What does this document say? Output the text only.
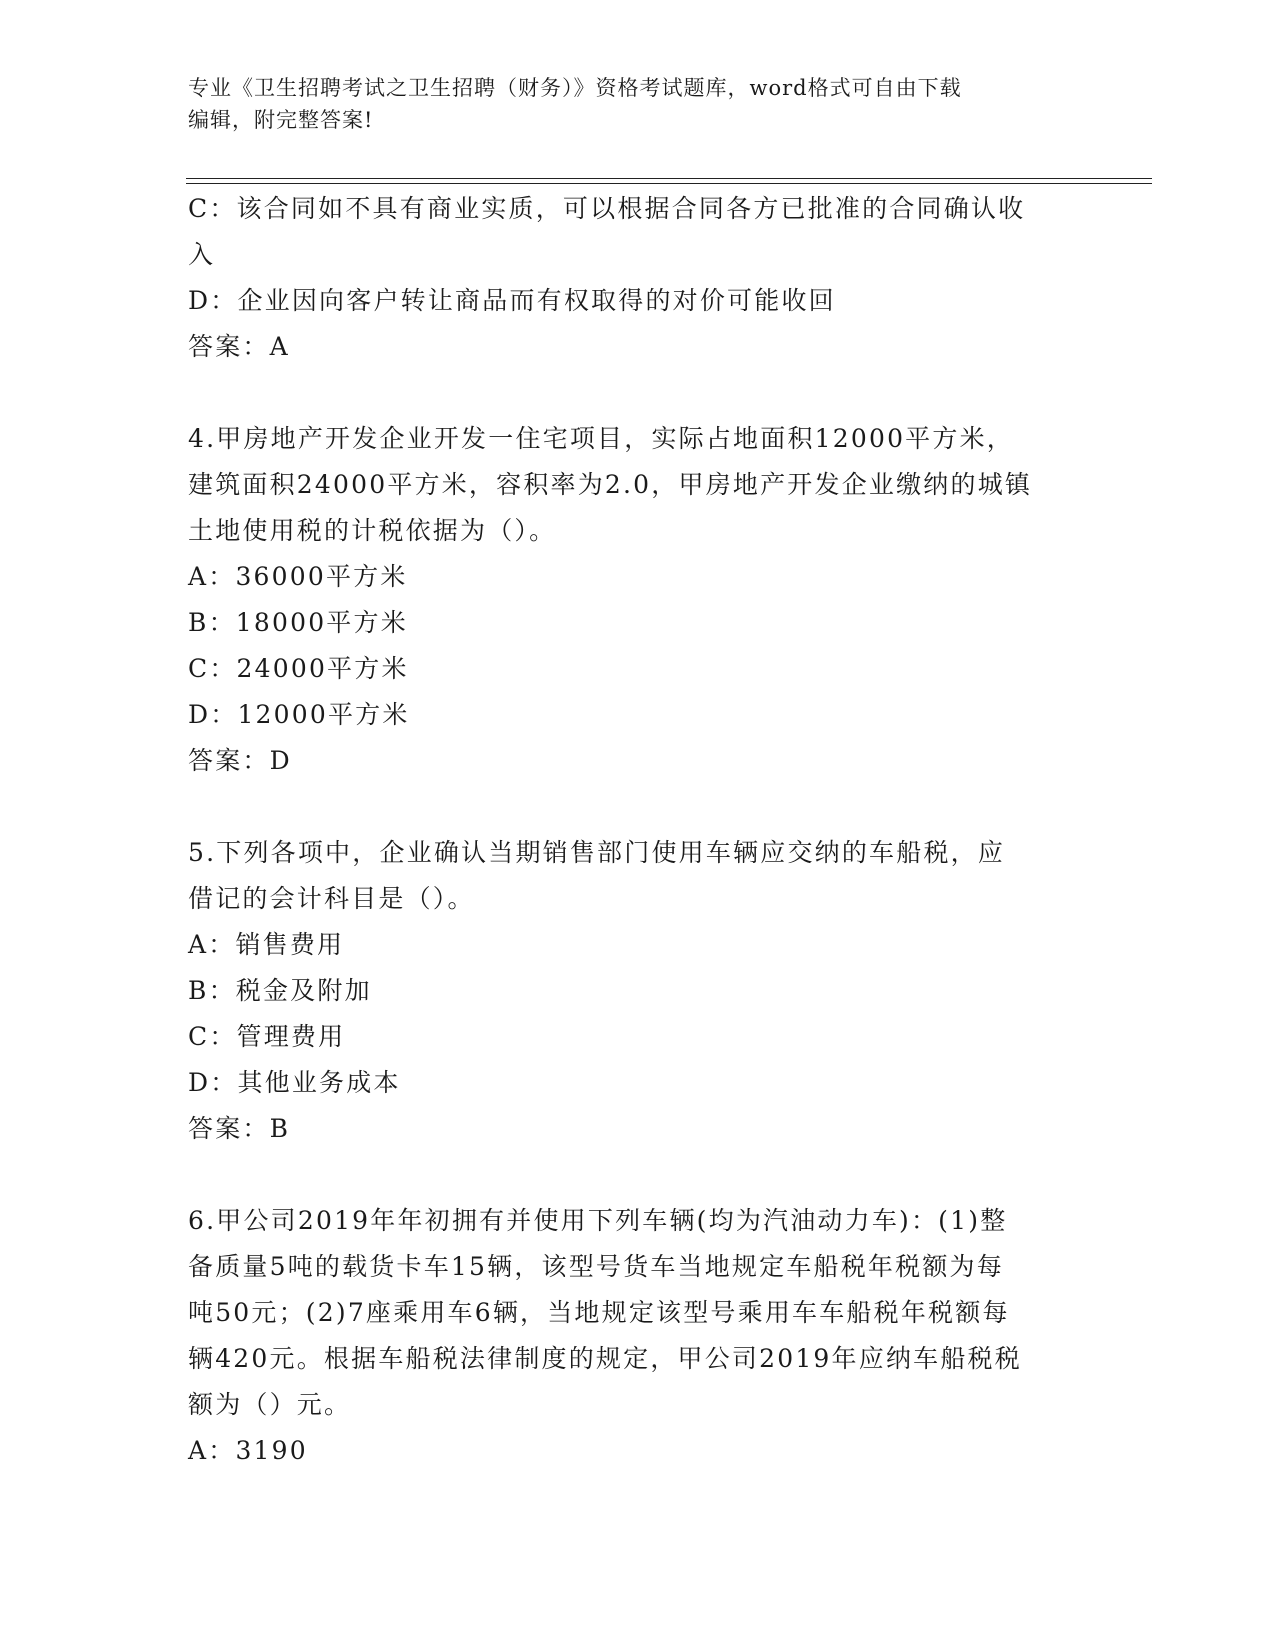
专业《卫生招聘考试之卫生招聘（财务）》资格考试题库，word格式可自由下载
编辑，附完整答案!
C：该合同如不具有商业实质，可以根据合同各方已批准的合同确认收
入
D：企业因向客户转让商品而有权取得的对价可能收回
答案：A
4.甲房地产开发企业开发一住宅项目，实际占地面积12000平方米，
建筑面积24000平方米，容积率为2.0，甲房地产开发企业缴纳的城镇
土地使用税的计税依据为（）。
A：36000平方米
B：18000平方米
C：24000平方米
D：12000平方米
答案：D
5.下列各项中，企业确认当期销售部门使用车辆应交纳的车船税，应
借记的会计科目是（）。
A：销售费用
B：税金及附加
C：管理费用
D：其他业务成本
答案：B
6.甲公司2019年年初拥有并使用下列车辆(均为汽油动力车)：(1)整
备质量5吨的载货卡车15辆，该型号货车当地规定车船税年税额为每
吨50元；(2)7座乘用车6辆，当地规定该型号乘用车车船税年税额每
辆420元。根据车船税法律制度的规定，甲公司2019年应纳车船税税
额为（）元。
A：3190
